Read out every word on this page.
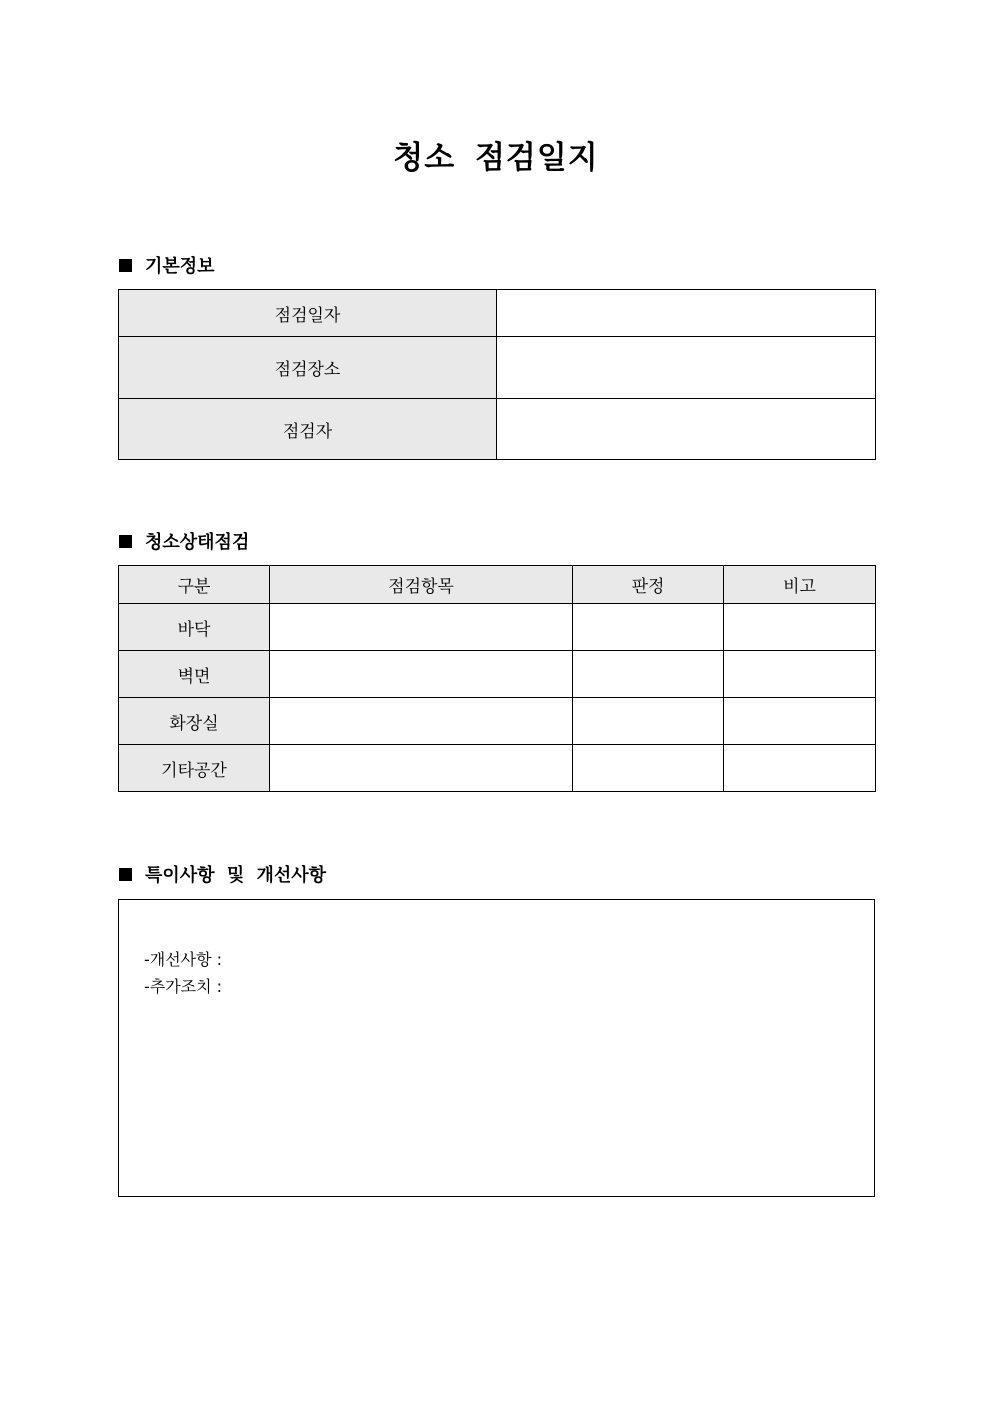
청소 점검일지
기본정보
점검일자	
점검장소	
점검자	
청소상태점검
구분	점검항목	판정	비고
바닥			
벽면			
화장실			
기타공간			
특이사항 및 개선사항
-개선사항 :
-추가조치 :
